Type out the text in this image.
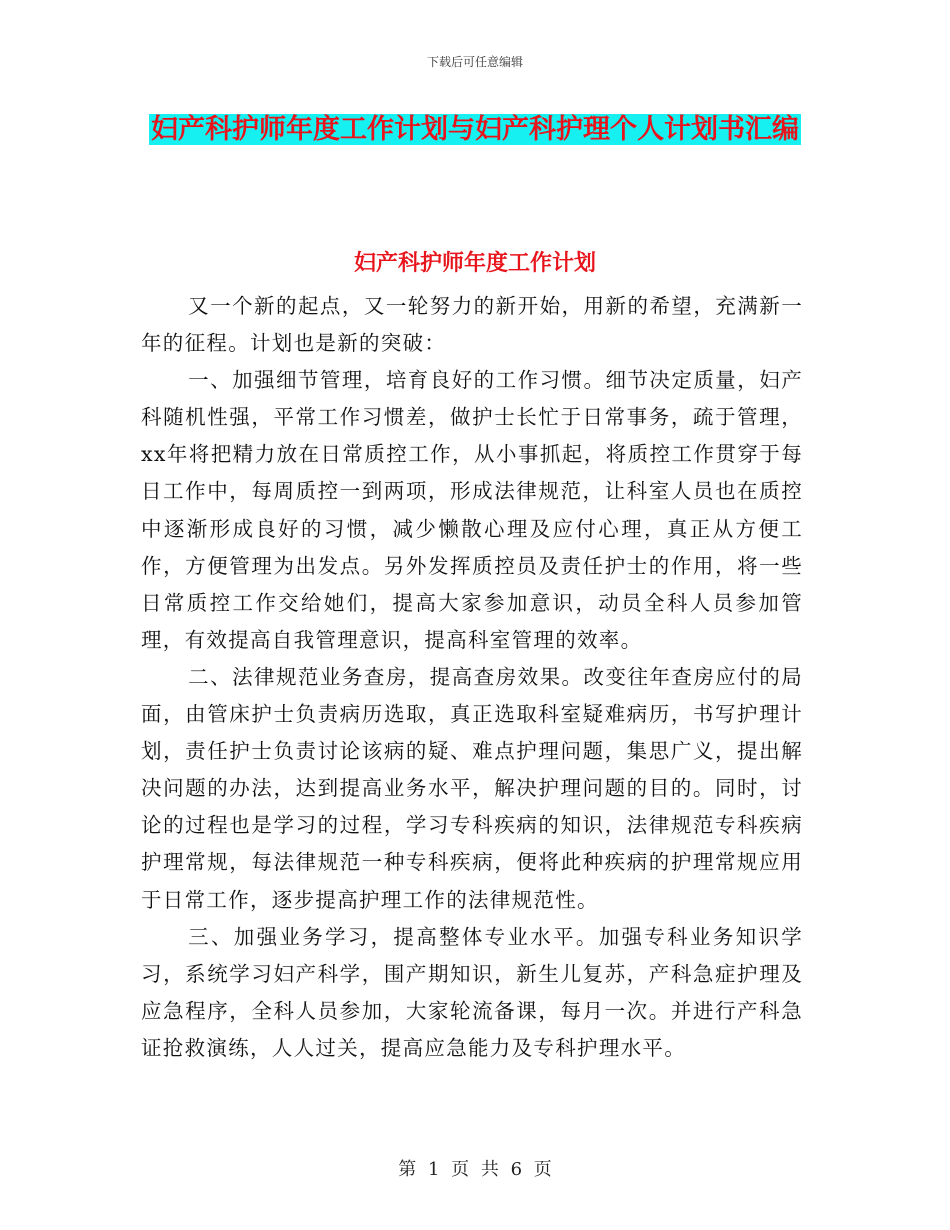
下载后可任意编辑
妇产科护师年度工作计划与妇产科护理个人计划书汇编
妇产科护师年度工作计划

又一个新的起点，又一轮努力的新开始，用新的希望，充满新一年的征程。计划也是新的突破：

一、加强细节管理，培育良好的工作习惯。细节决定质量，妇产科随机性强，平常工作习惯差，做护士长忙于日常事务，疏于管理，xx年将把精力放在日常质控工作，从小事抓起，将质控工作贯穿于每日工作中，每周质控一到两项，形成法律规范，让科室人员也在质控中逐渐形成良好的习惯，减少懒散心理及应付心理，真正从方便工作，方便管理为出发点。另外发挥质控员及责任护士的作用，将一些日常质控工作交给她们，提高大家参加意识，动员全科人员参加管理，有效提高自我管理意识，提高科室管理的效率。

二、法律规范业务查房，提高查房效果。改变往年查房应付的局面，由管床护士负责病历选取，真正选取科室疑难病历，书写护理计划，责任护士负责讨论该病的疑、难点护理问题，集思广义，提出解决问题的办法，达到提高业务水平，解决护理问题的目的。同时，讨论的过程也是学习的过程，学习专科疾病的知识，法律规范专科疾病护理常规，每法律规范一种专科疾病，便将此种疾病的护理常规应用于日常工作，逐步提高护理工作的法律规范性。

三、加强业务学习，提高整体专业水平。加强专科业务知识学习，系统学习妇产科学，围产期知识，新生儿复苏，产科急症护理及应急程序，全科人员参加，大家轮流备课，每月一次。并进行产科急证抢救演练，人人过关，提高应急能力及专科护理水平。

第 1 页 共 6 页
